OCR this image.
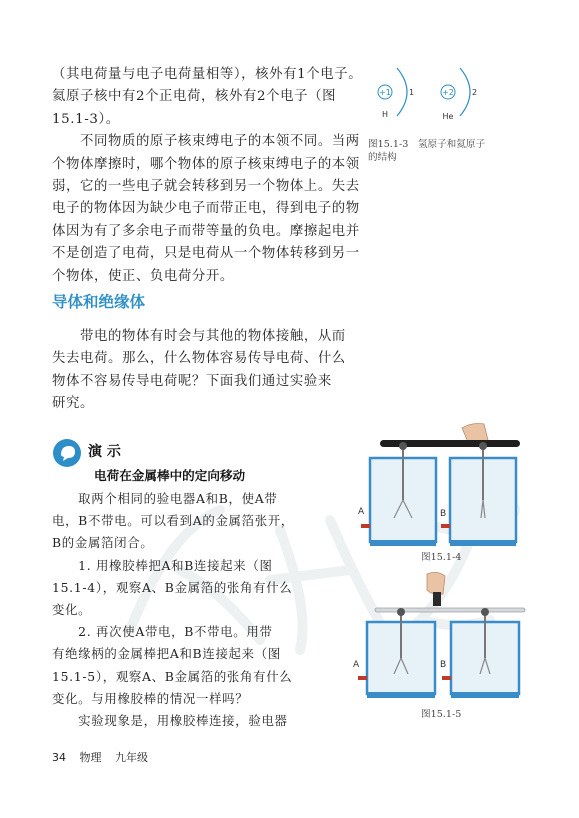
（其电荷量与电子电荷量相等），核外有1个电子。
氦原子核中有2个正电荷，核外有2个电子（图
15.1-3）。
　　不同物质的原子核束缚电子的本领不同。当两
个物体摩擦时，哪个物体的原子核束缚电子的本领
弱，它的一些电子就会转移到另一个物体上。失去
电子的物体因为缺少电子而带正电，得到电子的物
体因为有了多余电子而带等量的负电。摩擦起电并
不是创造了电荷，只是电荷从一个物体转移到另一
个物体，使正、负电荷分开。
+1 1
H
+2 2
He
图15.1-3　氢原子和氦原子
的结构
导体和绝缘体
　　带电的物体有时会与其他的物体接触，从而
失去电荷。那么，什么物体容易传导电荷、什么
物体不容易传导电荷呢？下面我们通过实验来
研究。
演 示
电荷在金属棒中的定向移动
　　取两个相同的验电器A和B，使A带
电，B不带电。可以看到A的金属箔张开，
B的金属箔闭合。
　　1. 用橡胶棒把A和B连接起来（图
15.1-4），观察A、B金属箔的张角有什么
变化。
　　2. 再次使A带电，B不带电。用带
有绝缘柄的金属棒把A和B连接起来（图
15.1-5），观察A、B金属箔的张角有什么
变化。与用橡胶棒的情况一样吗？
　　实验现象是，用橡胶棒连接，验电器
A	B
图15.1-4
A	B
图15.1-5
34 物理 九年级
